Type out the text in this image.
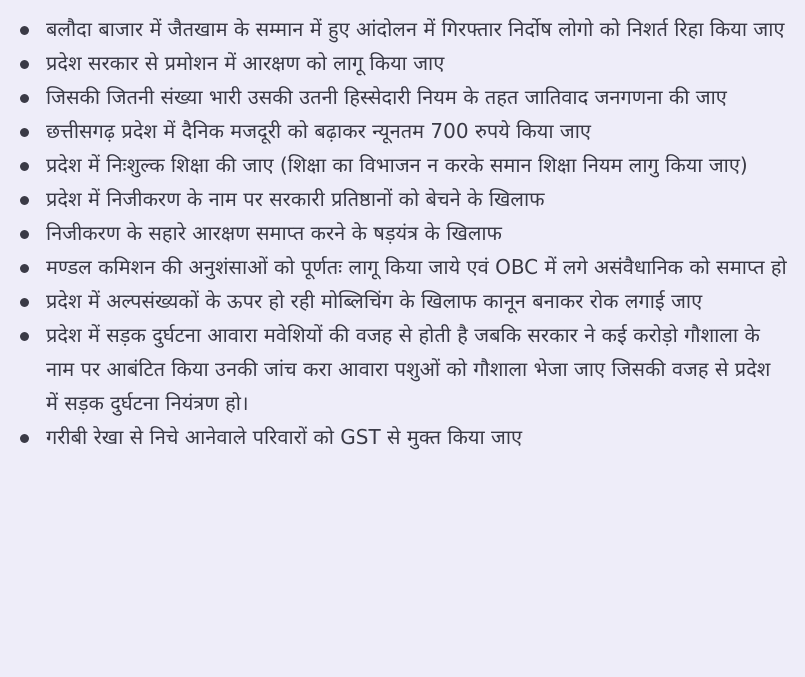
बलौदा बाजार में जैतखाम के सम्मान में हुए आंदोलन में गिरफ्तार निर्दोष लोगो को निशर्त रिहा किया जाए
प्रदेश सरकार से प्रमोशन में आरक्षण को लागू किया जाए
जिसकी जितनी संख्या भारी उसकी उतनी हिस्सेदारी नियम के तहत जातिवाद जनगणना की जाए
छत्तीसगढ़ प्रदेश में दैनिक मजदूरी को बढ़ाकर न्यूनतम 700 रुपये किया जाए
प्रदेश में निःशुल्क शिक्षा की जाए (शिक्षा का विभाजन न करके समान शिक्षा नियम लागु किया जाए)
प्रदेश में निजीकरण के नाम पर सरकारी प्रतिष्ठानों को बेचने के खिलाफ
निजीकरण के सहारे आरक्षण समाप्त करने के षड़यंत्र के खिलाफ
मण्डल कमिशन की अनुशंसाओं को पूर्णतः लागू किया जाये एवं OBC में लगे असंवैधानिक को समाप्त हो
प्रदेश में अल्पसंख्यकों के ऊपर हो रही मोब्लिचिंग के खिलाफ कानून बनाकर रोक लगाई जाए
प्रदेश में सड़क दुर्घटना आवारा मवेशियों की वजह से होती है जबकि सरकार ने कई करोड़ो गौशाला के नाम पर आबंटित किया उनकी जांच करा आवारा पशुओं को गौशाला भेजा जाए जिसकी वजह से प्रदेश में सड़क दुर्घटना नियंत्रण हो।
गरीबी रेखा से निचे आनेवाले परिवारों को GST से मुक्त किया जाए
